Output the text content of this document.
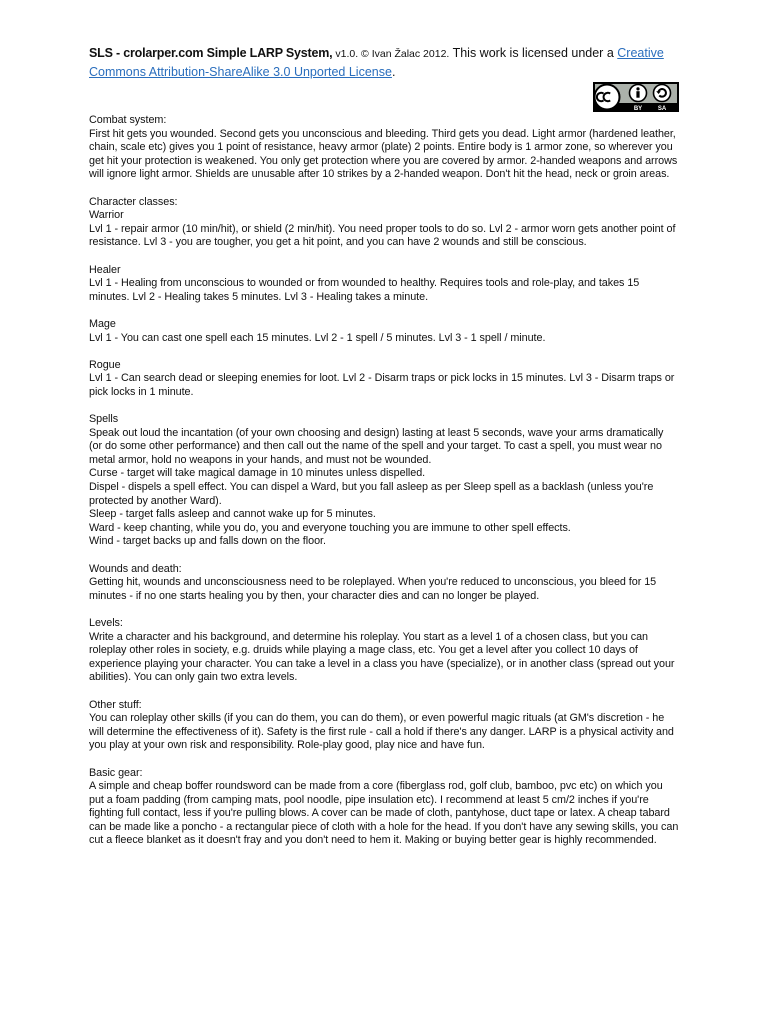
SLS - crolarper.com Simple LARP System, v1.0. © Ivan Žalac 2012. This work is licensed under a Creative Commons Attribution-ShareAlike 3.0 Unported License.
BY	SA

Combat system:

First hit gets you wounded. Second gets you unconscious and bleeding. Third gets you dead. Light armor (hardened leather, chain, scale etc) gives you 1 point of resistance, heavy armor (plate) 2 points. Entire body is 1 armor zone, so wherever you get hit your protection is weakened. You only get protection where you are covered by armor. 2-handed weapons and arrows will ignore light armor. Shields are unusable after 10 strikes by a 2-handed weapon. Don't hit the head, neck or groin areas.

Character classes:

Warrior

Lvl 1 - repair armor (10 min/hit), or shield (2 min/hit). You need proper tools to do so. Lvl 2 - armor worn gets another point of resistance. Lvl 3 - you are tougher, you get a hit point, and you can have 2 wounds and still be conscious.

Healer

Lvl 1 - Healing from unconscious to wounded or from wounded to healthy. Requires tools and role-play, and takes 15 minutes. Lvl 2 - Healing takes 5 minutes. Lvl 3 - Healing takes a minute.

Mage

Lvl 1 - You can cast one spell each 15 minutes. Lvl 2 - 1 spell / 5 minutes. Lvl 3 - 1 spell / minute.

Rogue

Lvl 1 - Can search dead or sleeping enemies for loot. Lvl 2 - Disarm traps or pick locks in 15 minutes. Lvl 3 - Disarm traps or pick locks in 1 minute.

Spells

Speak out loud the incantation (of your own choosing and design) lasting at least 5 seconds, wave your arms dramatically (or do some other performance) and then call out the name of the spell and your target. To cast a spell, you must wear no metal armor, hold no weapons in your hands, and must not be wounded.

Curse - target will take magical damage in 10 minutes unless dispelled.

Dispel - dispels a spell effect. You can dispel a Ward, but you fall asleep as per Sleep spell as a backlash (unless you're protected by another Ward).

Sleep - target falls asleep and cannot wake up for 5 minutes.

Ward - keep chanting, while you do, you and everyone touching you are immune to other spell effects.

Wind - target backs up and falls down on the floor.

Wounds and death:

Getting hit, wounds and unconsciousness need to be roleplayed. When you're reduced to unconscious, you bleed for 15 minutes - if no one starts healing you by then, your character dies and can no longer be played.

Levels:

Write a character and his background, and determine his roleplay. You start as a level 1 of a chosen class, but you can roleplay other roles in society, e.g. druids while playing a mage class, etc. You get a level after you collect 10 days of experience playing your character. You can take a level in a class you have (specialize), or in another class (spread out your abilities). You can only gain two extra levels.

Other stuff:

You can roleplay other skills (if you can do them, you can do them), or even powerful magic rituals (at GM's discretion - he will determine the effectiveness of it). Safety is the first rule - call a hold if there's any danger. LARP is a physical activity and you play at your own risk and responsibility. Role-play good, play nice and have fun.

Basic gear:

A simple and cheap boffer roundsword can be made from a core (fiberglass rod, golf club, bamboo, pvc etc) on which you put a foam padding (from camping mats, pool noodle, pipe insulation etc). I recommend at least 5 cm/2 inches if you're fighting full contact, less if you're pulling blows. A cover can be made of cloth, pantyhose, duct tape or latex. A cheap tabard can be made like a poncho - a rectangular piece of cloth with a hole for the head. If you don't have any sewing skills, you can cut a fleece blanket as it doesn't fray and you don't need to hem it. Making or buying better gear is highly recommended.
